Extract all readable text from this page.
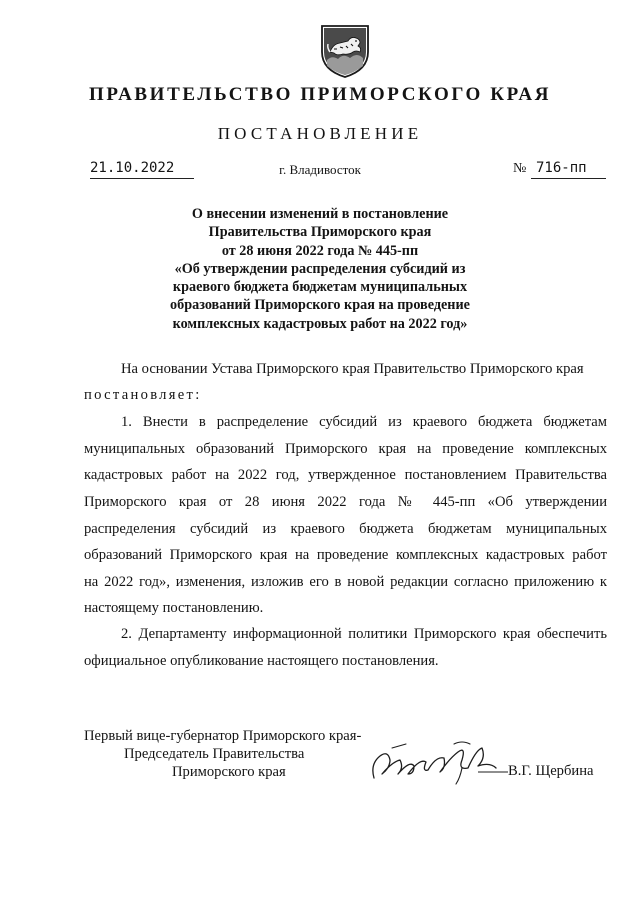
ПРАВИТЕЛЬСТВО ПРИМОРСКОГО КРАЯ
ПОСТАНОВЛЕНИЕ
21.10.2022	г. Владивосток	№ 716-пп
О внесении изменений в постановление
Правительства Приморского края
от 28 июня 2022 года № 445-пп
«Об утверждении распределения субсидий из
краевого бюджета бюджетам муниципальных
образований Приморского края на проведение
комплексных кадастровых работ на 2022 год»
На основании Устава Приморского края Правительство Приморского края
постановляет:
1. Внести в распределение субсидий из краевого бюджета бюджетам
муниципальных образований Приморского края на проведение комплексных
кадастровых работ на 2022 год, утвержденное постановлением Правительства
Приморского края от 28 июня 2022 года № 445-пп «Об утверждении
распределения субсидий из краевого бюджета бюджетам муниципальных
образований Приморского края на проведение комплексных кадастровых работ
на 2022 год», изменения, изложив его в новой редакции согласно приложению к
настоящему постановлению.
2. Департаменту информационной политики Приморского края обеспечить
официальное опубликование настоящего постановления.
Первый вице-губернатор Приморского края-
Председатель Правительства
Приморского края	В.Г. Щербина
